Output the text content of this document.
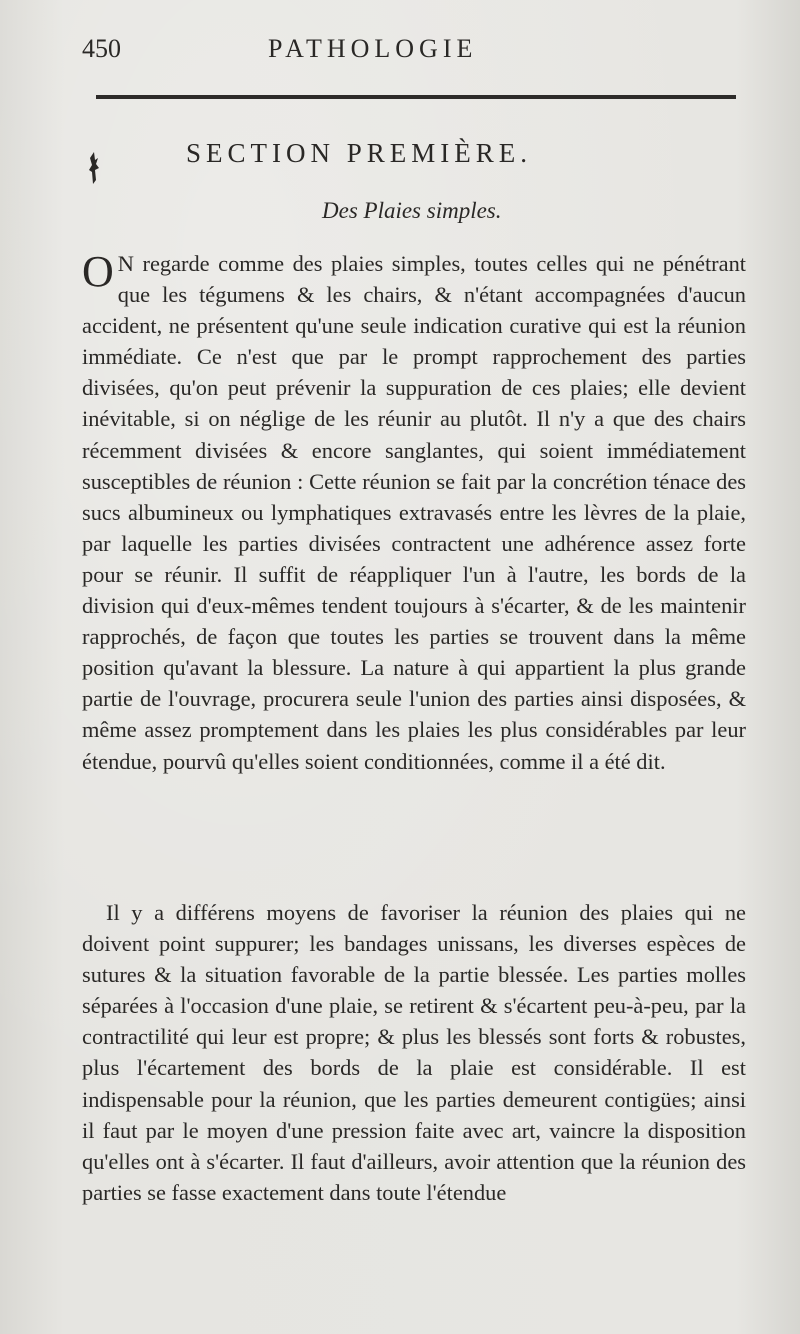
450	PATHOLOGIE
SECTION PREMIÈRE.
Des Plaies simples.
O N regarde comme des plaies simples, toutes celles qui ne pénétrant que les tégumens & les chairs, & n'étant accompagnées d'aucun accident, ne présentent qu'une seule indication curative qui est la réunion immédiate. Ce n'est que par le prompt rapprochement des parties divisées, qu'on peut prévenir la suppuration de ces plaies; elle devient inévitable, si on néglige de les réunir au plutôt. Il n'y a que des chairs récemment divisées & encore sanglantes, qui soient immédiatement susceptibles de réunion : Cette réunion se fait par la concrétion ténace des sucs albumineux ou lymphatiques extravasés entre les lèvres de la plaie, par laquelle les parties divisées contractent une adhérence assez forte pour se réunir. Il suffit de réappliquer l'un à l'autre, les bords de la division qui d'eux-mêmes tendent toujours à s'écarter, & de les maintenir rapprochés, de façon que toutes les parties se trouvent dans la même position qu'avant la blessure. La nature à qui appartient la plus grande partie de l'ouvrage, procurera seule l'union des parties ainsi disposées, & même assez promptement dans les plaies les plus considérables par leur étendue, pourvû qu'elles soient conditionnées, comme il a été dit.
Il y a différens moyens de favoriser la réunion des plaies qui ne doivent point suppurer; les bandages unissans, les diverses espèces de sutures & la situation favorable de la partie blessée. Les parties molles séparées à l'occasion d'une plaie, se retirent & s'écartent peu-à-peu, par la contractilité qui leur est propre; & plus les blessés sont forts & robustes, plus l'écartement des bords de la plaie est considérable. Il est indispensable pour la réunion, que les parties demeurent contigües; ainsi il faut par le moyen d'une pression faite avec art, vaincre la disposition qu'elles ont à s'écarter. Il faut d'ailleurs, avoir attention que la réunion des parties se fasse exactement dans toute l'étendue
